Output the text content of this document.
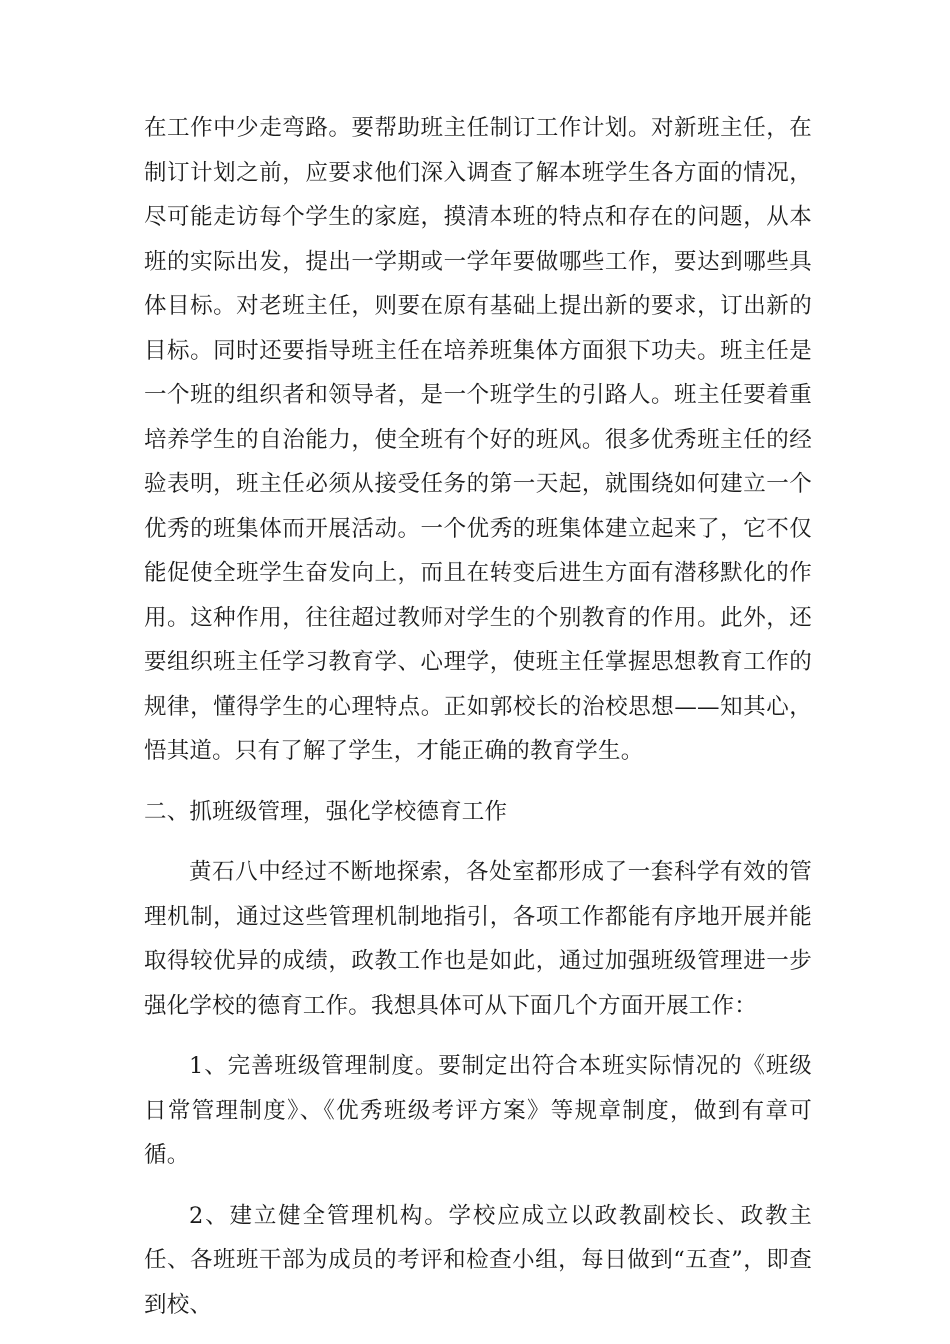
在工作中少走弯路。要帮助班主任制订工作计划。对新班主任，在制订计划之前，应要求他们深入调查了解本班学生各方面的情况，尽可能走访每个学生的家庭，摸清本班的特点和存在的问题，从本班的实际出发，提出一学期或一学年要做哪些工作，要达到哪些具体目标。对老班主任，则要在原有基础上提出新的要求，订出新的目标。同时还要指导班主任在培养班集体方面狠下功夫。班主任是一个班的组织者和领导者，是一个班学生的引路人。班主任要着重培养学生的自治能力，使全班有个好的班风。很多优秀班主任的经验表明，班主任必须从接受任务的第一天起，就围绕如何建立一个优秀的班集体而开展活动。一个优秀的班集体建立起来了，它不仅能促使全班学生奋发向上，而且在转变后进生方面有潜移默化的作用。这种作用，往往超过教师对学生的个别教育的作用。此外，还要组织班主任学习教育学、心理学，使班主任掌握思想教育工作的规律，懂得学生的心理特点。正如郭校长的治校思想——知其心，悟其道。只有了解了学生，才能正确的教育学生。

二、抓班级管理，强化学校德育工作

黄石八中经过不断地探索，各处室都形成了一套科学有效的管理机制，通过这些管理机制地指引，各项工作都能有序地开展并能取得较优异的成绩，政教工作也是如此，通过加强班级管理进一步强化学校的德育工作。我想具体可从下面几个方面开展工作：

1、完善班级管理制度。要制定出符合本班实际情况的《班级日常管理制度》、《优秀班级考评方案》等规章制度，做到有章可循。

2、建立健全管理机构。学校应成立以政教副校长、政教主任、各班班干部为成员的考评和检查小组，每日做到“五查”，即查到校、
